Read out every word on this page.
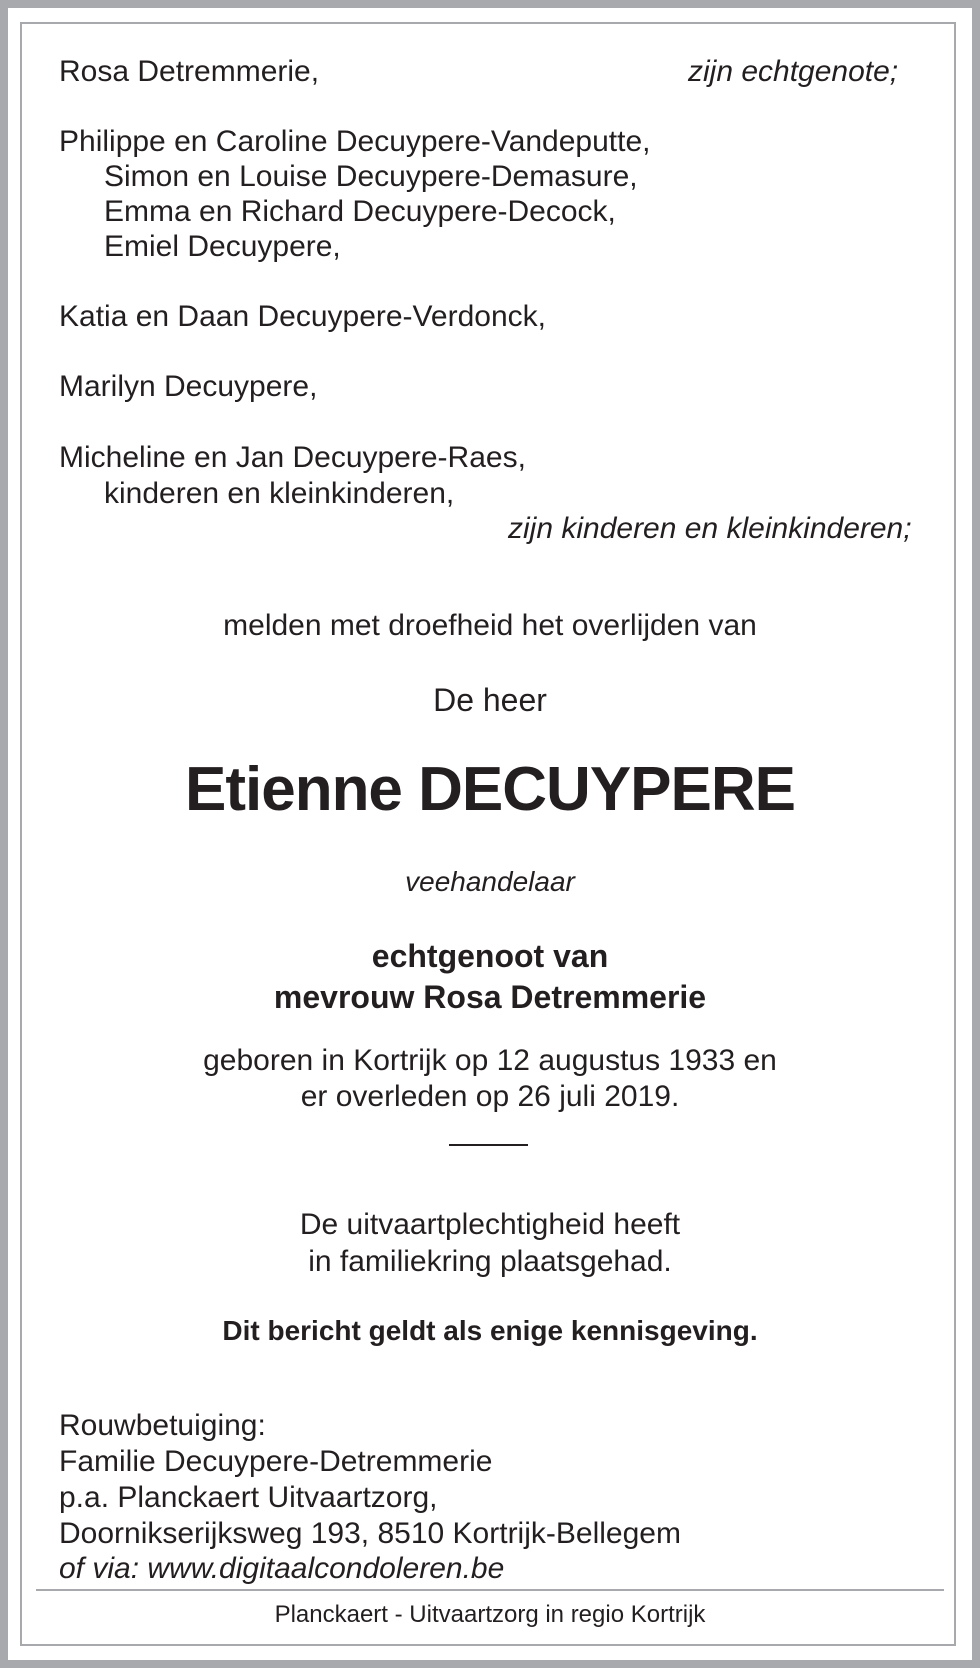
Rosa Detremmerie,	zijn echtgenote;
Philippe en Caroline Decuypere-Vandeputte,
Simon en Louise Decuypere-Demasure,
Emma en Richard Decuypere-Decock,
Emiel Decuypere,
Katia en Daan Decuypere-Verdonck,
Marilyn Decuypere,
Micheline en Jan Decuypere-Raes,
kinderen en kleinkinderen,
zijn kinderen en kleinkinderen;
melden met droefheid het overlijden van
De heer
Etienne DECUYPERE
veehandelaar
echtgenoot van
mevrouw Rosa Detremmerie
geboren in Kortrijk op 12 augustus 1933 en
er overleden op 26 juli 2019.
De uitvaartplechtigheid heeft
in familiekring plaatsgehad.
Dit bericht geldt als enige kennisgeving.
Rouwbetuiging:
Familie Decuypere-Detremmerie
p.a. Planckaert Uitvaartzorg,
Doornikserijksweg 193, 8510 Kortrijk-Bellegem
of via: www.digitaalcondoleren.be
Planckaert - Uitvaartzorg in regio Kortrijk
